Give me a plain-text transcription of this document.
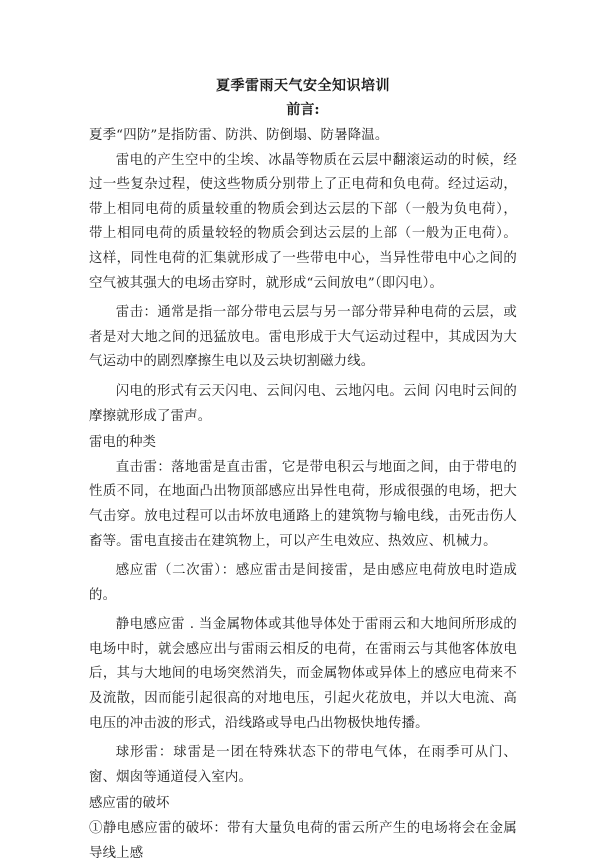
夏季雷雨天气安全知识培训
前言:

夏季“四防”是指防雷、防洪、防倒塌、防暑降温。

雷电的产生空中的尘埃、冰晶等物质在云层中翻滚运动的时候，经过一些复杂过程，使这些物质分别带上了正电荷和负电荷。经过运动，带上相同电荷的质量较重的物质会到达云层的下部（一般为负电荷），带上相同电荷的质量较轻的物质会到达云层的上部（一般为正电荷）。这样，同性电荷的汇集就形成了一些带电中心，当异性带电中心之间的空气被其强大的电场击穿时，就形成“云间放电”（即闪电）。

雷击：通常是指一部分带电云层与另一部分带异种电荷的云层，或者是对大地之间的迅猛放电。雷电形成于大气运动过程中，其成因为大气运动中的剧烈摩擦生电以及云块切割磁力线。

闪电的形式有云天闪电、云间闪电、云地闪电。云间 闪电时云间的摩擦就形成了雷声。

雷电的种类

直击雷：落地雷是直击雷，它是带电积云与地面之间，由于带电的性质不同，在地面凸出物顶部感应出异性电荷，形成很强的电场，把大气击穿。放电过程可以击坏放电通路上的建筑物与输电线，击死击伤人畜等。雷电直接击在建筑物上，可以产生电效应、热效应、机械力。

感应雷（二次雷）：感应雷击是间接雷，是由感应电荷放电时造成的。

静电感应雷 . 当金属物体或其他导体处于雷雨云和大地间所形成的电场中时，就会感应出与雷雨云相反的电荷，在雷雨云与其他客体放电后，其与大地间的电场突然消失，而金属物体或异体上的感应电荷来不及流散，因而能引起很高的对地电压，引起火花放电，并以大电流、高电压的冲击波的形式，沿线路或导电凸出物极快地传播。

球形雷：球雷是一团在特殊状态下的带电气体，在雨季可从门、窗、烟囱等通道侵入室内。

感应雷的破坏

①静电感应雷的破坏：带有大量负电荷的雷云所产生的电场将会在金属导线上感
